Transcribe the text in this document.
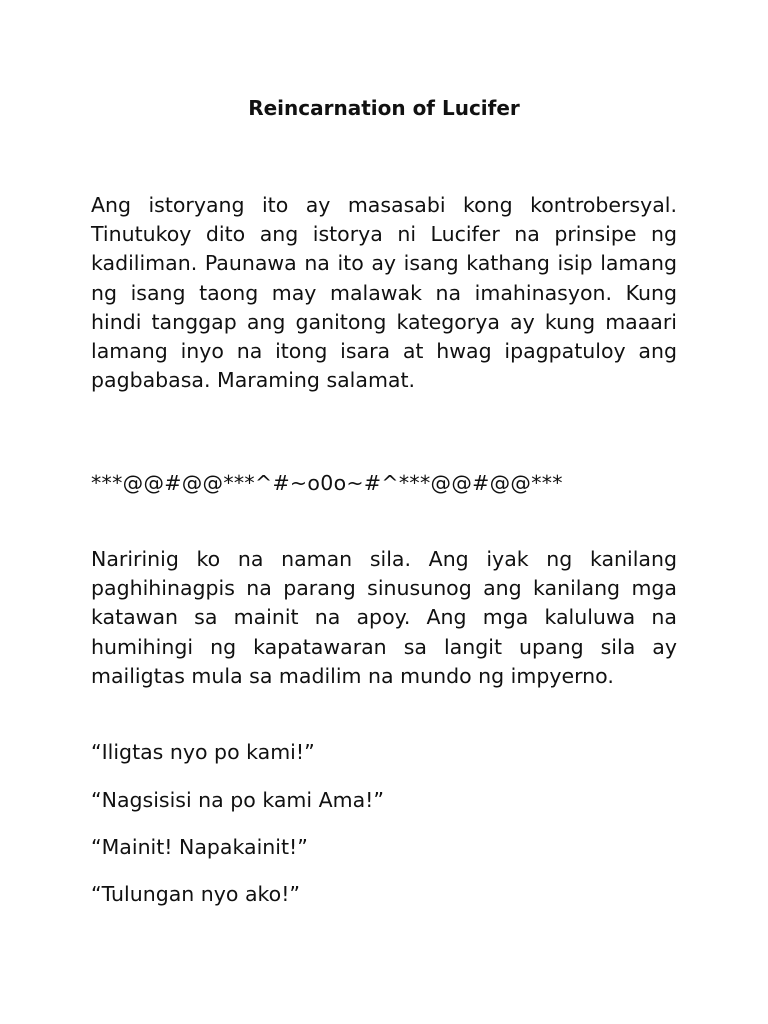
Reincarnation of Lucifer

Ang istoryang ito ay masasabi kong kontrobersyal. Tinutukoy dito ang istorya ni Lucifer na prinsipe ng kadiliman. Paunawa na ito ay isang kathang isip lamang ng isang taong may malawak na imahinasyon. Kung hindi tanggap ang ganitong kategorya ay kung maaari lamang inyo na itong isara at hwag ipagpatuloy ang pagbabasa. Maraming salamat.

***@@#@@***^#~o0o~#^***@@#@@***

Naririnig ko na naman sila. Ang iyak ng kanilang paghihinagpis na parang sinusunog ang kanilang mga katawan sa mainit na apoy. Ang mga kaluluwa na humihingi ng kapatawaran sa langit upang sila ay mailigtas mula sa madilim na mundo ng impyerno.

“Iligtas nyo po kami!”

“Nagsisisi na po kami Ama!”

“Mainit! Napakainit!”

“Tulungan nyo ako!”
